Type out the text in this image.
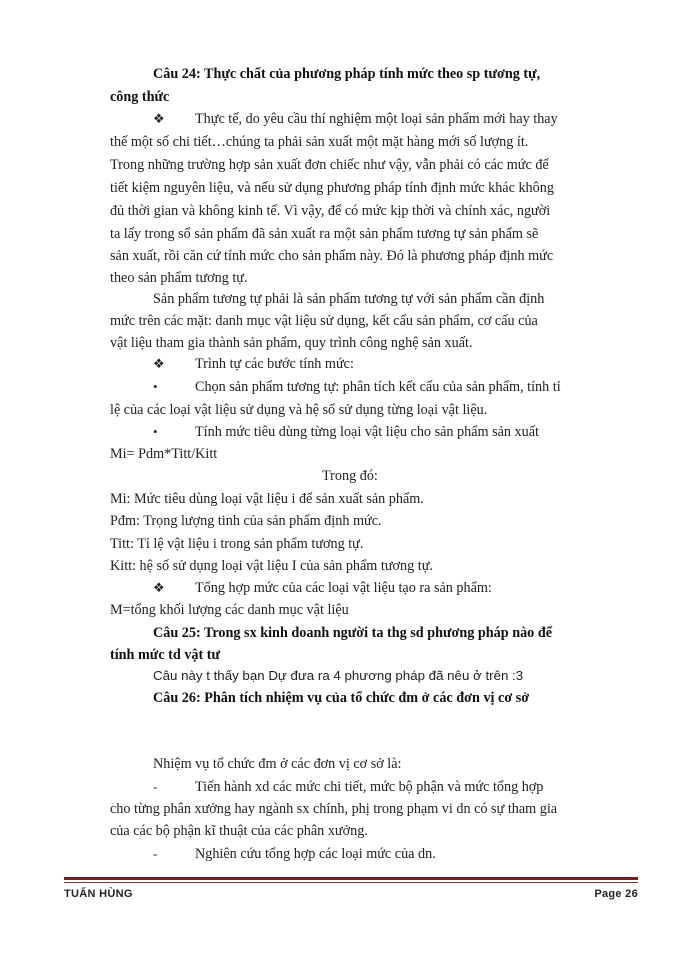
Câu 24: Thực chất của phương pháp tính mức theo sp tương tự,
công thức
❖ Thực tế, do yêu cầu thí nghiệm một loại sản phẩm mới hay thay
thế một số chi tiết…chúng ta phải sản xuất một mặt hàng mới số lượng ít.
Trong những trường hợp sản xuất đơn chiếc như vậy, vẫn phải có các mức để
tiết kiệm nguyên liệu, và nếu sử dụng phương pháp tính định mức khác không
đủ thời gian và không kinh tế. Vì vậy, để có mức kịp thời và chính xác, người
ta lấy trong số sản phẩm đã sản xuất ra một sản phẩm tương tự sản phẩm sẽ
sản xuất, rồi căn cứ tính mức cho sản phẩm này. Đó là phương pháp định mức
theo sản phẩm tương tự.
Sản phẩm tương tự phải là sản phẩm tương tự với sản phẩm cần định
mức trên các mặt: danh mục vật liệu sử dụng, kết cấu sản phẩm, cơ cấu của
vật liệu tham gia thành sản phẩm, quy trình công nghệ sản xuất.
❖ Trình tự các bước tính mức:
•	Chọn sản phẩm tương tự: phân tích kết cấu của sản phẩm, tính tỉ
lệ của các loại vật liệu sử dụng và hệ số sử dụng từng loại vật liệu.
•	Tính mức tiêu dùng từng loại vật liệu cho sản phẩm sản xuất
Mi= Pdm*Titt/Kitt
Trong đó:
Mi: Mức tiêu dùng loại vật liệu i để sản xuất sản phẩm.
Pđm: Trọng lượng tinh của sản phẩm định mức.
Titt: Tỉ lệ vật liệu i trong sản phẩm tương tự.
Kitt: hệ số sử dụng loại vật liệu I của sản phẩm tương tự.
❖ Tổng hợp mức của các loại vật liệu tạo ra sản phẩm:
M=tổng khối lượng các danh mục vật liệu
Câu 25: Trong sx kinh doanh người ta thg sd phương pháp nào để
tính mức td vật tư
Câu này t thấy bạn Dự đưa ra 4 phương pháp đã nêu ở trên :3
Câu 26: Phân tích nhiệm vụ của tổ chức đm ở các đơn vị cơ sở
Nhiệm vụ tổ chức đm ở các đơn vị cơ sở là:
-	Tiến hành xd các mức chi tiết, mức bộ phận và mức tổng hợp
cho từng phân xưởng hay ngành sx chính, phị trong phạm vi dn có sự tham gia
của các bộ phận kĩ thuật của các phân xưởng.
-	Nghiên cứu tổng hợp các loại mức của dn.
TUẤN HÙNG	Page 26
